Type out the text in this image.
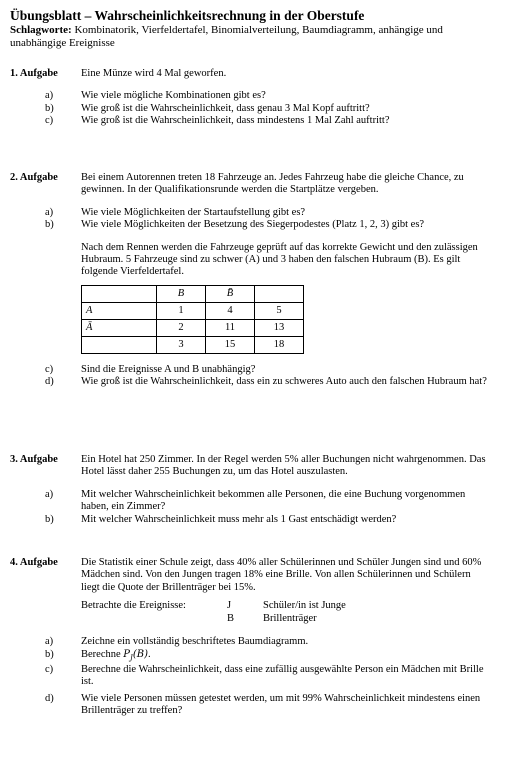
Übungsblatt – Wahrscheinlichkeitsrechnung in der Oberstufe
Schlagworte: Kombinatorik, Vierfeldertafel, Binomialverteilung, Baumdiagramm, anhängige und unabhängige Ereignisse
1. Aufgabe Eine Münze wird 4 Mal geworfen.
a)	Wie viele mögliche Kombinationen gibt es?
b)	Wie groß ist die Wahrscheinlichkeit, dass genau 3 Mal Kopf auftritt?
c)	Wie groß ist die Wahrscheinlichkeit, dass mindestens 1 Mal Zahl auftritt?
2. Aufgabe Bei einem Autorennen treten 18 Fahrzeuge an. Jedes Fahrzeug habe die gleiche Chance, zu gewinnen. In der Qualifikationsrunde werden die Startplätze vergeben.
a)	Wie viele Möglichkeiten der Startaufstellung gibt es?
b)	Wie viele Möglichkeiten der Besetzung des Siegerpodestes (Platz 1, 2, 3) gibt es?
Nach dem Rennen werden die Fahrzeuge geprüft auf das korrekte Gewicht und den zulässigen Hubraum. 5 Fahrzeuge sind zu schwer (A) und 3 haben den falschen Hubraum (B). Es gilt folgende Vierfeldertafel.
	B	B̄	
A	1	4	5
Ā	2	11	13
	3	15	18
c)	Sind die Ereignisse A und B unabhängig?
d)	Wie groß ist die Wahrscheinlichkeit, dass ein zu schweres Auto auch den falschen Hubraum hat?
3. Aufgabe Ein Hotel hat 250 Zimmer. In der Regel werden 5% aller Buchungen nicht wahrgenommen. Das Hotel lässt daher 255 Buchungen zu, um das Hotel auszulasten.
a)	Mit welcher Wahrscheinlichkeit bekommen alle Personen, die eine Buchung vorgenommen haben, ein Zimmer?
b)	Mit welcher Wahrscheinlichkeit muss mehr als 1 Gast entschädigt werden?
4. Aufgabe Die Statistik einer Schule zeigt, dass 40% aller Schülerinnen und Schüler Jungen sind und 60% Mädchen sind. Von den Jungen tragen 18% eine Brille. Von allen Schülerinnen und Schülern liegt die Quote der Brillenträger bei 15%.
Betrachte die Ereignisse:	J	Schüler/in ist Junge
B	Brillenträger
a)	Zeichne ein vollständig beschriftetes Baumdiagramm.
b)	Berechne $P_J(B)$.
c)	Berechne die Wahrscheinlichkeit, dass eine zufällig ausgewählte Person ein Mädchen mit Brille ist.
d)	Wie viele Personen müssen getestet werden, um mit 99% Wahrscheinlichkeit mindestens einen Brillenträger zu treffen?
